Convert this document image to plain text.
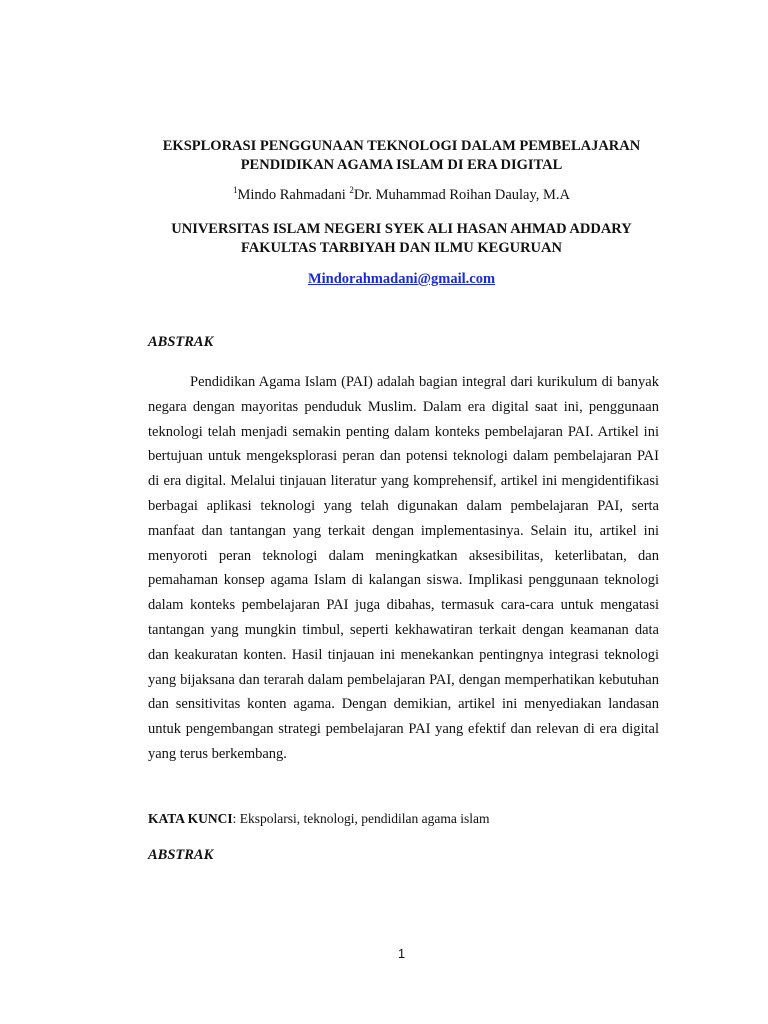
EKSPLORASI PENGGUNAAN TEKNOLOGI DALAM PEMBELAJARAN PENDIDIKAN AGAMA ISLAM DI ERA DIGITAL
$^1$Mindo Rahmadani $^2$Dr. Muhammad Roihan Daulay, M.A
UNIVERSITAS ISLAM NEGERI SYEK ALI HASAN AHMAD ADDARY
FAKULTAS TARBIYAH DAN ILMU KEGURUAN
Mindorahmadani@gmail.com
ABSTRAK

Pendidikan Agama Islam (PAI) adalah bagian integral dari kurikulum di banyak negara dengan mayoritas penduduk Muslim. Dalam era digital saat ini, penggunaan teknologi telah menjadi semakin penting dalam konteks pembelajaran PAI. Artikel ini bertujuan untuk mengeksplorasi peran dan potensi teknologi dalam pembelajaran PAI di era digital. Melalui tinjauan literatur yang komprehensif, artikel ini mengidentifikasi berbagai aplikasi teknologi yang telah digunakan dalam pembelajaran PAI, serta manfaat dan tantangan yang terkait dengan implementasinya. Selain itu, artikel ini menyoroti peran teknologi dalam meningkatkan aksesibilitas, keterlibatan, dan pemahaman konsep agama Islam di kalangan siswa. Implikasi penggunaan teknologi dalam konteks pembelajaran PAI juga dibahas, termasuk cara-cara untuk mengatasi tantangan yang mungkin timbul, seperti kekhawatiran terkait dengan keamanan data dan keakuratan konten. Hasil tinjauan ini menekankan pentingnya integrasi teknologi yang bijaksana dan terarah dalam pembelajaran PAI, dengan memperhatikan kebutuhan dan sensitivitas konten agama. Dengan demikian, artikel ini menyediakan landasan untuk pengembangan strategi pembelajaran PAI yang efektif dan relevan di era digital yang terus berkembang.

KATA KUNCI: Ekspolarsi, teknologi, pendidilan agama islam
ABSTRAK
1
